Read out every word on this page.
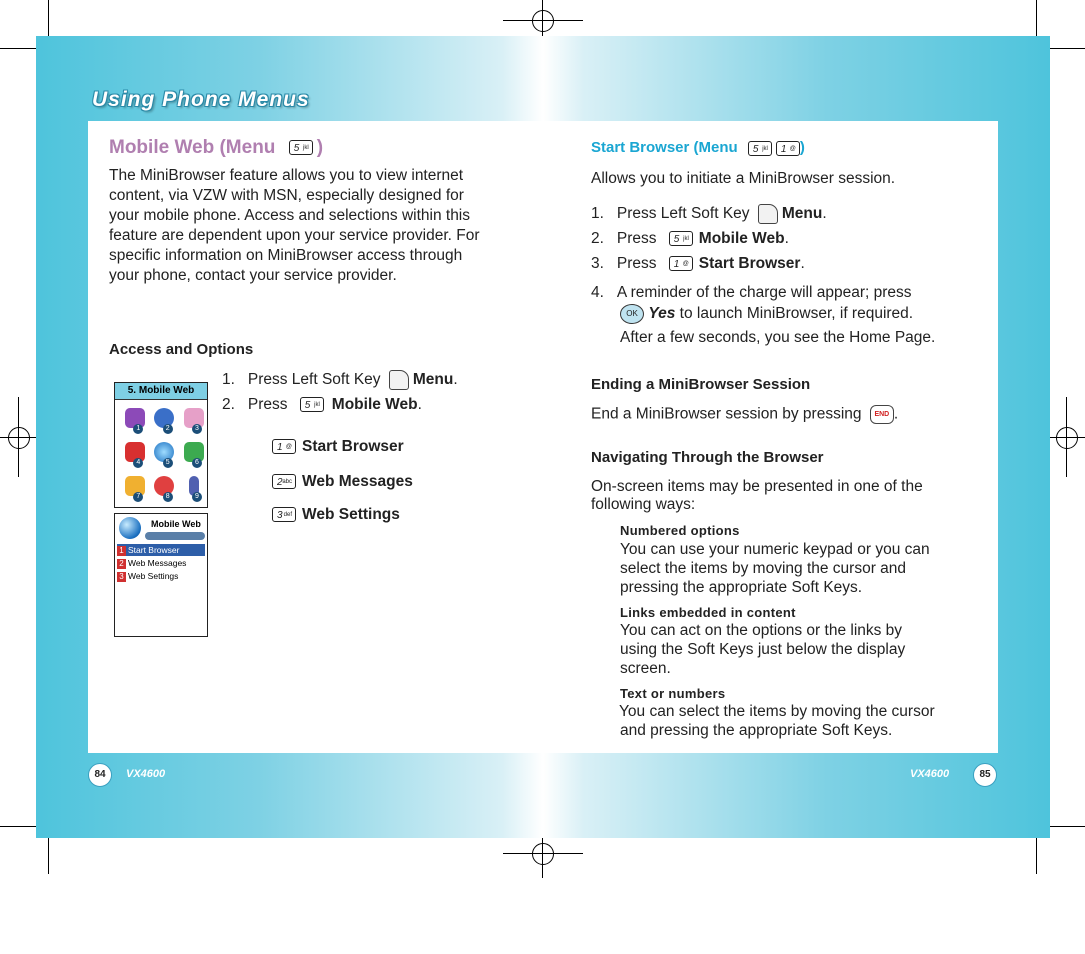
Using Phone Menus
Mobile Web (Menu 5 jkl )
The MiniBrowser feature allows you to view internet content, via VZW with MSN, especially designed for your mobile phone. Access and selections within this feature are dependent upon your service provider. For specific information on MiniBrowser access through your phone, contact your service provider.
Access and Options
1. Press Left Soft Key Menu.
2. Press 5 jkl Mobile Web.
1 @ Start Browser
2 abc Web Messages
3 def Web Settings
5. Mobile Web
1	2	3
4	5	6
7	8	9
Mobile Web
1 Start Browser
2 Web Messages
3 Web Settings
Start Browser (Menu 5 jkl 1 @ )
Allows you to initiate a MiniBrowser session.
1. Press Left Soft Key Menu.
2. Press 5 jkl Mobile Web.
3. Press 1 @ Start Browser.
4. A reminder of the charge will appear; press
OK Yes to launch MiniBrowser, if required.
After a few seconds, you see the Home Page.
Ending a MiniBrowser Session
End a MiniBrowser session by pressing END .
Navigating Through the Browser
On-screen items may be presented in one of the
following ways:
Numbered options
You can use your numeric keypad or you can
select the items by moving the cursor and
pressing the appropriate Soft Keys.
Links embedded in content
You can act on the options or the links by
using the Soft Keys just below the display
screen.
Text or numbers
You can select the items by moving the cursor
and pressing the appropriate Soft Keys.
84	VX4600	VX4600	85
